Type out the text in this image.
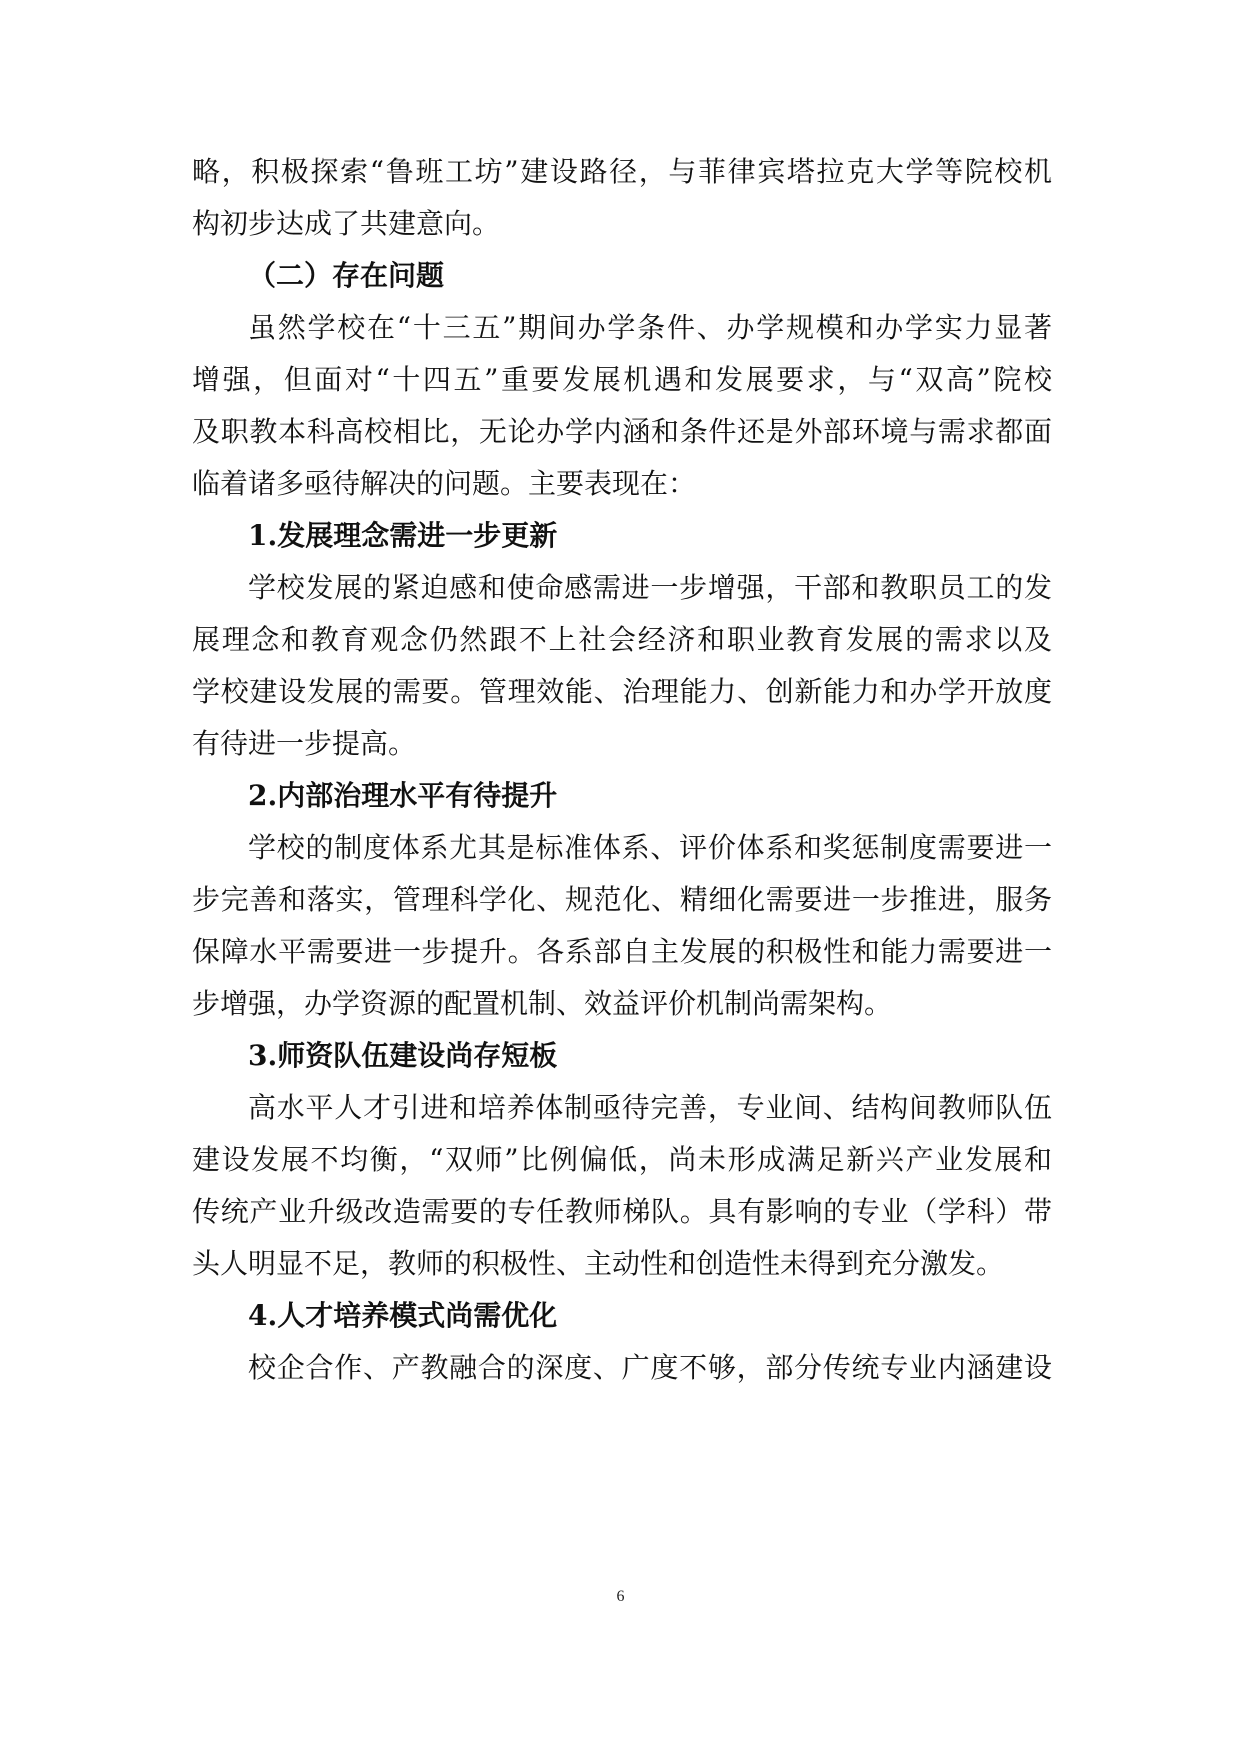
略，积极探索“鲁班工坊”建设路径，与菲律宾塔拉克大学等院校机
构初步达成了共建意向。
（二）存在问题
虽然学校在“十三五”期间办学条件、办学规模和办学实力显著
增强，但面对“十四五”重要发展机遇和发展要求，与“双高”院校
及职教本科高校相比，无论办学内涵和条件还是外部环境与需求都面
临着诸多亟待解决的问题。主要表现在：
1.发展理念需进一步更新
学校发展的紧迫感和使命感需进一步增强，干部和教职员工的发
展理念和教育观念仍然跟不上社会经济和职业教育发展的需求以及
学校建设发展的需要。管理效能、治理能力、创新能力和办学开放度
有待进一步提高。
2.内部治理水平有待提升
学校的制度体系尤其是标准体系、评价体系和奖惩制度需要进一
步完善和落实，管理科学化、规范化、精细化需要进一步推进，服务
保障水平需要进一步提升。各系部自主发展的积极性和能力需要进一
步增强，办学资源的配置机制、效益评价机制尚需架构。
3.师资队伍建设尚存短板
高水平人才引进和培养体制亟待完善，专业间、结构间教师队伍
建设发展不均衡，“双师”比例偏低，尚未形成满足新兴产业发展和
传统产业升级改造需要的专任教师梯队。具有影响的专业（学科）带
头人明显不足，教师的积极性、主动性和创造性未得到充分激发。
4.人才培养模式尚需优化
校企合作、产教融合的深度、广度不够，部分传统专业内涵建设
6
